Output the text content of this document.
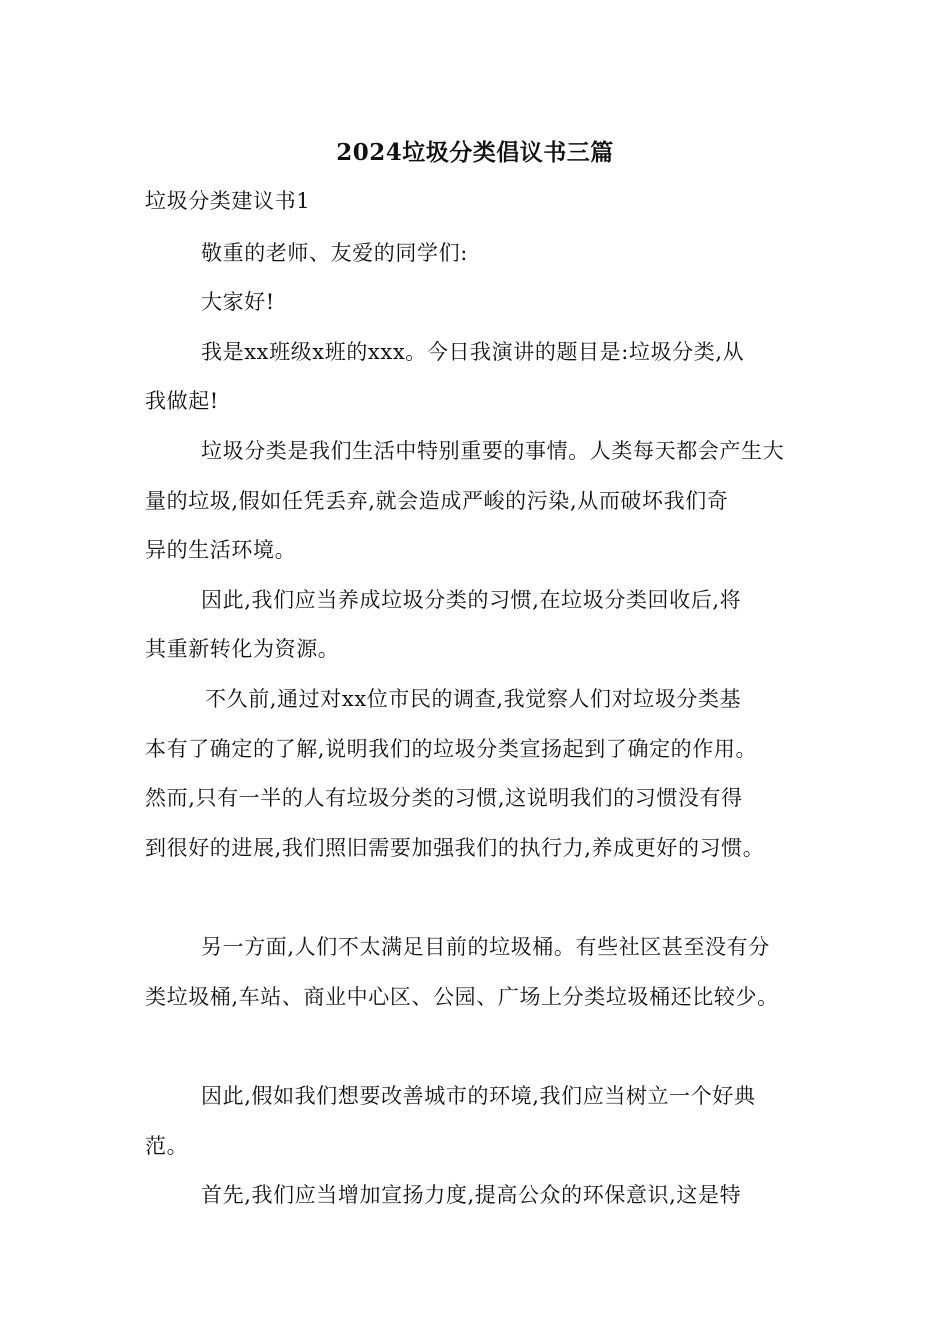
2024垃圾分类倡议书三篇
垃圾分类建议书1
敬重的老师、友爱的同学们:
大家好!
我是xx班级x班的xxx。今日我演讲的题目是:垃圾分类,从
我做起!
垃圾分类是我们生活中特别重要的事情。人类每天都会产生大
量的垃圾,假如任凭丢弃,就会造成严峻的污染,从而破坏我们奇
异的生活环境。
因此,我们应当养成垃圾分类的习惯,在垃圾分类回收后,将
其重新转化为资源。
不久前,通过对xx位市民的调查,我觉察人们对垃圾分类基
本有了确定的了解,说明我们的垃圾分类宣扬起到了确定的作用。
然而,只有一半的人有垃圾分类的习惯,这说明我们的习惯没有得
到很好的进展,我们照旧需要加强我们的执行力,养成更好的习惯。
另一方面,人们不太满足目前的垃圾桶。有些社区甚至没有分
类垃圾桶,车站、商业中心区、公园、广场上分类垃圾桶还比较少。
因此,假如我们想要改善城市的环境,我们应当树立一个好典
范。
首先,我们应当增加宣扬力度,提高公众的环保意识,这是特
